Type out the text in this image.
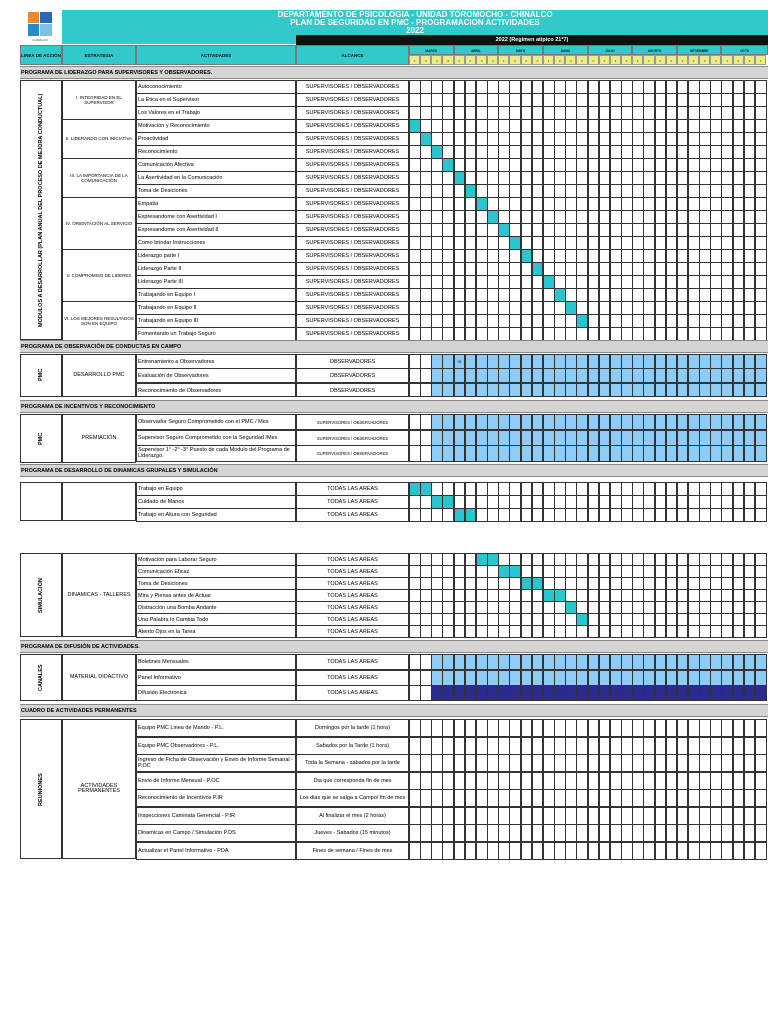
CHINALCO
DEPARTAMENTO DE PSICOLOGIA - UNIDAD TOROMOCHO - CHINALCO
PLAN DE SEGURIDAD EN PMC - PROGRAMACION ACTIVIDADES
2022
2022 (Regimen atipico 21*7)
LINEA DE ACCIÓN	ESTRATEGIA	ACTIVIDADES	ALCANCE
MARZO	ABRIL	MAYO	JUNIO	JULIO	AGOSTO	SETIEMBRE	OCTU
1	2	3	4	1	2	3	4	1	2	3	4	1	2	3	4	1	2	3	4	1	2	3	4	1	2	3	4	1	2	3	4
PROGRAMA DE LIDERAZGO PARA SUPERVISORES Y OBSERVADORES.
MODULOS A DESARROLLAR (PLAN ANUAL DEL PROCESO DE MEJORA CONDUCTUAL)	I. INTEGRIDAD EN EL SUPERVISOR
II. LIDERANDO CON INICIATIVA
III. LA IMPORTANCIA DE LA COMUNICACIÓN
IV. ORIENTACIÓN AL SERVICIO
V. COMPROMISO DE LIDERES
VI. LOS MEJORES RESULTADOS SON EN EQUIPO
Autoconocimiento	SUPERVISORES / OBSERVADORES
La Etica en el Supervisor	SUPERVISORES / OBSERVADORES
Los Valores en el Trabajo	SUPERVISORES / OBSERVADORES
Motivación y Reconocimiento	SUPERVISORES / OBSERVADORES
Proactividad	SUPERVISORES / OBSERVADORES
Reconocimiento	SUPERVISORES / OBSERVADORES
Comunicación Afectiva	SUPERVISORES / OBSERVADORES
La Asertividad en la Comunicación	SUPERVISORES / OBSERVADORES
Toma de Desiciones	SUPERVISORES / OBSERVADORES
Empatia	SUPERVISORES / OBSERVADORES
Expresandome con Asertividad I	SUPERVISORES / OBSERVADORES
Expresandome con Asertividad II	SUPERVISORES / OBSERVADORES
Como brindar Instrucciones	SUPERVISORES / OBSERVADORES
Liderazgo parte I	SUPERVISORES / OBSERVADORES
Liderazgo Parte II	SUPERVISORES / OBSERVADORES
Liderazgo Parte III	SUPERVISORES / OBSERVADORES
Trabajando en Equipo I	SUPERVISORES / OBSERVADORES
Trabajando en Equipo II	SUPERVISORES / OBSERVADORES
Trabajando en Equipo III	SUPERVISORES / OBSERVADORES
Fomentando un Trabajo Seguro	SUPERVISORES / OBSERVADORES
PROGRAMA DE OBSERVACIÓN DE CONDUCTAS EN CAMPO
PMC	DESARROLLO PMC
Entrenamiento a Observadores	OBSERVADORES	05
Evaluación de Observadores	OBSERVADORES
Reconocimiento de Observadores	OBSERVADORES
PROGRAMA DE INCENTIVOS Y RECONOCIMIENTO
PMC	PREMIACIÓN
Observador Seguro Comprometido con el PMC / Mes	SUPERVISORES / OBSERVADORES
Supervisor Seguro Comprometido con la Seguridad /Mes	SUPERVISORES / OBSERVADORES
Supervisor 1° -2° -3° Puesto de cada Modulo del Programa de Liderazgo.	SUPERVISORES / OBSERVADORES
PROGRAMA DE DESARROLLO DE DINAMICAS GRUPALES Y SIMULACIÓN
Trabajo en Equipo	TODAS LAS AREAS
Cuidado de Manos	TODAS LAS AREAS
Trabajo en Altura con Seguridad	TODAS LAS AREAS
SIMULACIÓN	DINAMICAS - TALLERES
Motivación para Laborar Seguro	TODAS LAS AREAS
Comunicación Eficaz	TODAS LAS AREAS
Toma de Desiciones	TODAS LAS AREAS
Mira y Piensa antes de Actuar	TODAS LAS AREAS
Distracción una Bomba Andante	TODAS LAS AREAS
Una Palabra lo Cambia Todo	TODAS LAS AREAS
Atento Ojos en la Tarea	TODAS LAS AREAS
PROGRAMA DE DIFUSIÓN DE ACTIVIDADES.
CANALES	MATERIAL DIDACTIVO
Boletines Mensuales	TODAS LAS AREAS
Panel Informativo	TODAS LAS AREAS
Difusión Electronica	TODAS LAS AREAS
CUADRO DE ACTIVIDADES PERMANENTES
REUNIONES	ACTIVIDADES PERMANENTES
Equipo PMC Linea de Mando - P.L.	Domingos por la tarde (1 hora)
Equipo PMC Observadores - P.L.	Sabados por la Tarde (1 hora)
Ingreso de Ficha de Observación y Envio de Informe Semanal - P.OC	Toda la Semana - sabados por la tarde
Envio de Informe Mensual - P.OC	Dia que corresponda fin de mes
Reconocimiento de Incentivos P.IR	Los dias que se salga a Campo/ fin de mes
Inspecciones Caminata Gerencial - P.IR	Al finalizar el mes (2 horas)
Dinamicas en Campo / Simulación P.DS	Jueves - Sabados (15 minutos)
Actualizar el Panel Informativo - PDA	Fines de semana / Fines de mes
